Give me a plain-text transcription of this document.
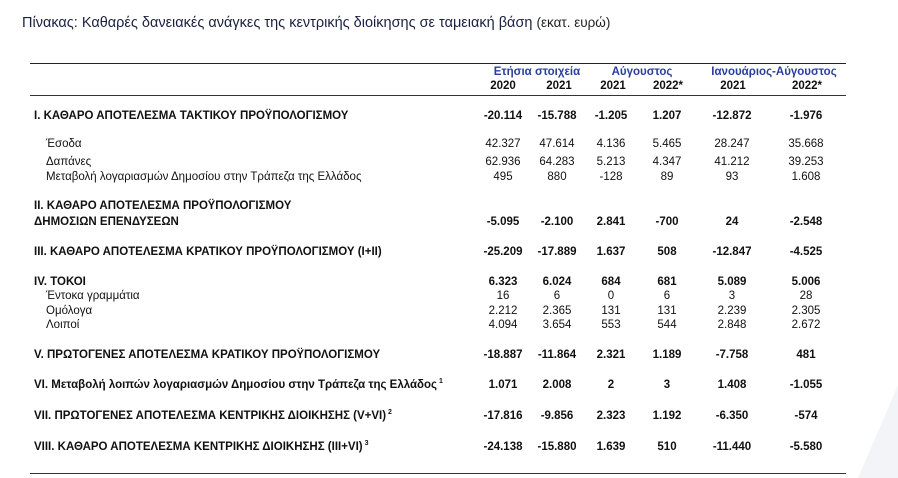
Πίνακας: Καθαρές δανειακές ανάγκες της κεντρικής διοίκησης σε ταμειακή βάση (εκατ. ευρώ)
Ετήσια στοιχεία	Αύγουστος	Ιανουάριος-Αύγουστος
2020	2021	2021	2022*	2021	2022*
I. ΚΑΘΑΡΟ ΑΠΟΤΕΛΕΣΜΑ ΤΑΚΤΙΚΟΥ ΠΡΟΫΠΟΛΟΓΙΣΜΟΥ	-20.114	-15.788	-1.205	1.207	-12.872	-1.976
Έσοδα	42.327	47.614	4.136	5.465	28.247	35.668
Δαπάνες	62.936	64.283	5.213	4.347	41.212	39.253
Μεταβολή λογαριασμών Δημοσίου στην Τράπεζα της Ελλάδος	495	880	-128	89	93	1.608
II. ΚΑΘΑΡΟ ΑΠΟΤΕΛΕΣΜΑ ΠΡΟΫΠΟΛΟΓΙΣΜΟΥ
ΔΗΜΟΣΙΩΝ ΕΠΕΝΔΥΣΕΩΝ	-5.095	-2.100	2.841	-700	24	-2.548
III. ΚΑΘΑΡΟ ΑΠΟΤΕΛΕΣΜΑ ΚΡΑΤΙΚΟΥ ΠΡΟΫΠΟΛΟΓΙΣΜΟΥ (I+II)	-25.209	-17.889	1.637	508	-12.847	-4.525
IV. ΤΟΚΟΙ	6.323	6.024	684	681	5.089	5.006
Έντοκα γραμμάτια	16	6	0	6	3	28
Ομόλογα	2.212	2.365	131	131	2.239	2.305
Λοιποί	4.094	3.654	553	544	2.848	2.672
V. ΠΡΩΤΟΓΕΝΕΣ ΑΠΟΤΕΛΕΣΜΑ ΚΡΑΤΙΚΟΥ ΠΡΟΫΠΟΛΟΓΙΣΜΟΥ	-18.887	-11.864	2.321	1.189	-7.758	481
VI. Μεταβολή λοιπών λογαριασμών Δημοσίου στην Τράπεζα της Ελλάδος $^1$	1.071	2.008	2	3	1.408	-1.055
VII. ΠΡΩΤΟΓΕΝΕΣ ΑΠΟΤΕΛΕΣΜΑ ΚΕΝΤΡΙΚΗΣ ΔΙΟΙΚΗΣΗΣ (V+VI) $^2$	-17.816	-9.856	2.323	1.192	-6.350	-574
VIII. ΚΑΘΑΡΟ ΑΠΟΤΕΛΕΣΜΑ ΚΕΝΤΡΙΚΗΣ ΔΙΟΙΚΗΣΗΣ (III+VI) $^3$	-24.138	-15.880	1.639	510	-11.440	-5.580
